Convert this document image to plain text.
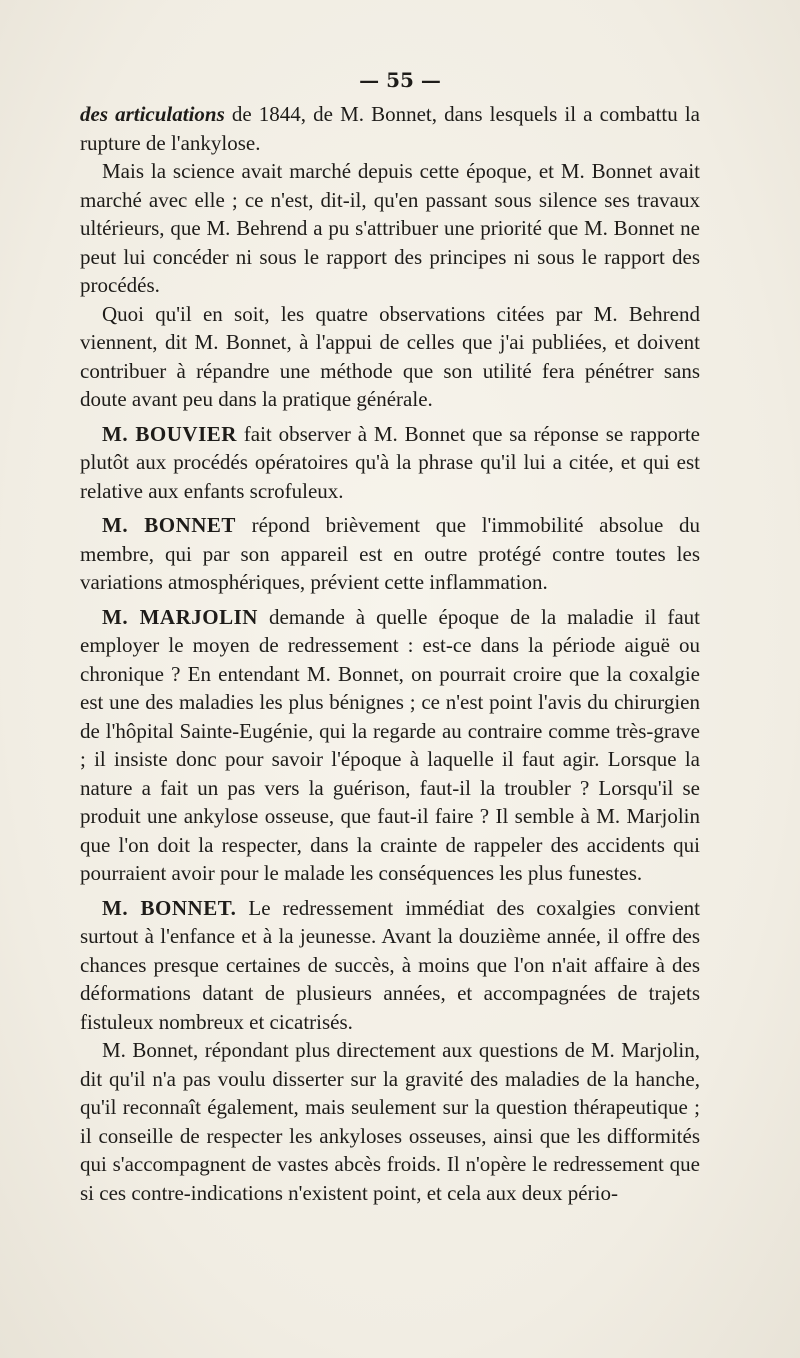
— 55 —

des articulations de 1844, de M. Bonnet, dans lesquels il a combattu la rupture de l'ankylose.

Mais la science avait marché depuis cette époque, et M. Bonnet avait marché avec elle ; ce n'est, dit-il, qu'en passant sous silence ses travaux ultérieurs, que M. Behrend a pu s'attribuer une priorité que M. Bonnet ne peut lui concéder ni sous le rapport des principes ni sous le rapport des procédés.

Quoi qu'il en soit, les quatre observations citées par M. Behrend viennent, dit M. Bonnet, à l'appui de celles que j'ai publiées, et doivent contribuer à répandre une méthode que son utilité fera pénétrer sans doute avant peu dans la pratique générale.

M. BOUVIER fait observer à M. Bonnet que sa réponse se rapporte plutôt aux procédés opératoires qu'à la phrase qu'il lui a citée, et qui est relative aux enfants scrofuleux.

M. BONNET répond brièvement que l'immobilité absolue du membre, qui par son appareil est en outre protégé contre toutes les variations atmosphériques, prévient cette inflammation.

M. MARJOLIN demande à quelle époque de la maladie il faut employer le moyen de redressement : est-ce dans la période aiguë ou chronique ? En entendant M. Bonnet, on pourrait croire que la coxalgie est une des maladies les plus bénignes ; ce n'est point l'avis du chirurgien de l'hôpital Sainte-Eugénie, qui la regarde au contraire comme très-grave ; il insiste donc pour savoir l'époque à laquelle il faut agir. Lorsque la nature a fait un pas vers la guérison, faut-il la troubler ? Lorsqu'il se produit une ankylose osseuse, que faut-il faire ? Il semble à M. Marjolin que l'on doit la respecter, dans la crainte de rappeler des accidents qui pourraient avoir pour le malade les conséquences les plus funestes.

M. BONNET. Le redressement immédiat des coxalgies convient surtout à l'enfance et à la jeunesse. Avant la douzième année, il offre des chances presque certaines de succès, à moins que l'on n'ait affaire à des déformations datant de plusieurs années, et accompagnées de trajets fistuleux nombreux et cicatrisés.

M. Bonnet, répondant plus directement aux questions de M. Marjolin, dit qu'il n'a pas voulu disserter sur la gravité des maladies de la hanche, qu'il reconnaît également, mais seulement sur la question thérapeutique ; il conseille de respecter les ankyloses osseuses, ainsi que les difformités qui s'accompagnent de vastes abcès froids. Il n'opère le redressement que si ces contre-indications n'existent point, et cela aux deux pério-
